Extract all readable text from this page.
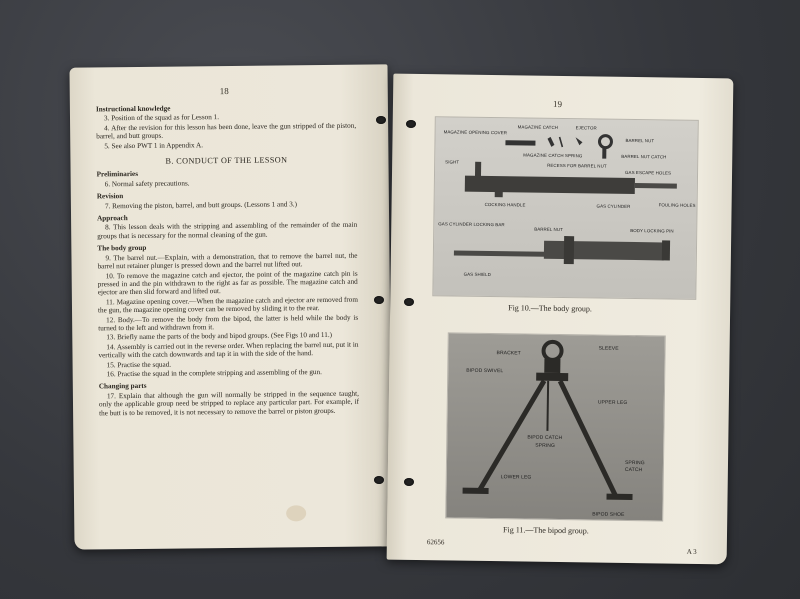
18

Instructional knowledge

3. Position of the squad as for Lesson 1.

4. After the revision for this lesson has been done, leave the gun stripped of the piston, barrel, and butt groups.

5. See also PWT 1 in Appendix A.

B. CONDUCT OF THE LESSON

Preliminaries

6. Normal safety precautions.

Revision

7. Removing the piston, barrel, and butt groups. (Lessons 1 and 3.)

Approach

8. This lesson deals with the stripping and assembling of the remainder of the main groups that is necessary for the normal cleaning of the gun.

The body group

9. The barrel nut.—Explain, with a demonstration, that to remove the barrel nut, the barrel nut retainer plunger is pressed down and the barrel nut lifted out.

10. To remove the magazine catch and ejector, the point of the magazine catch pin is pressed in and the pin withdrawn to the right as far as possible. The magazine catch and ejector are then slid forward and lifted out.

11. Magazine opening cover.—When the magazine catch and ejector are removed from the gun, the magazine opening cover can be removed by sliding it to the rear.

12. Body.—To remove the body from the bipod, the latter is held while the body is turned to the left and withdrawn from it.

13. Briefly name the parts of the body and bipod groups. (See Figs 10 and 11.)

14. Assembly is carried out in the reverse order. When replacing the barrel nut, put it in vertically with the catch downwards and tap it in with the side of the hand.

15. Practise the squad.

16. Practise the squad in the complete stripping and assembling of the gun.

Changing parts

17. Explain that although the gun will normally be stripped in the sequence taught, only the applicable group need be stripped to replace any particular part. For example, if the butt is to be removed, it is not necessary to remove the barrel or piston groups.

19
MAGAZINE CATCH	EJECTOR
MAGAZINE OPENING COVER
BARREL NUT
MAGAZINE CATCH SPRING	BARREL NUT CATCH
SIGHT
RECESS FOR BARREL NUT
GAS ESCAPE HOLES
COCKING HANDLE	GAS CYLINDER	FOULING HOLES
GAS CYLINDER LOCKING BAR
BARREL NUT	BODY LOCKING PIN
GAS SHIELD
Fig 10.—The body group.
BRACKET
SLEEVE
BIPOD SWIVEL
UPPER LEG
BIPOD CATCH
SPRING
SPRINGCATCH
LOWER LEG
BIPOD SHOE
Fig 11.—The bipod group.
62656
A 3
